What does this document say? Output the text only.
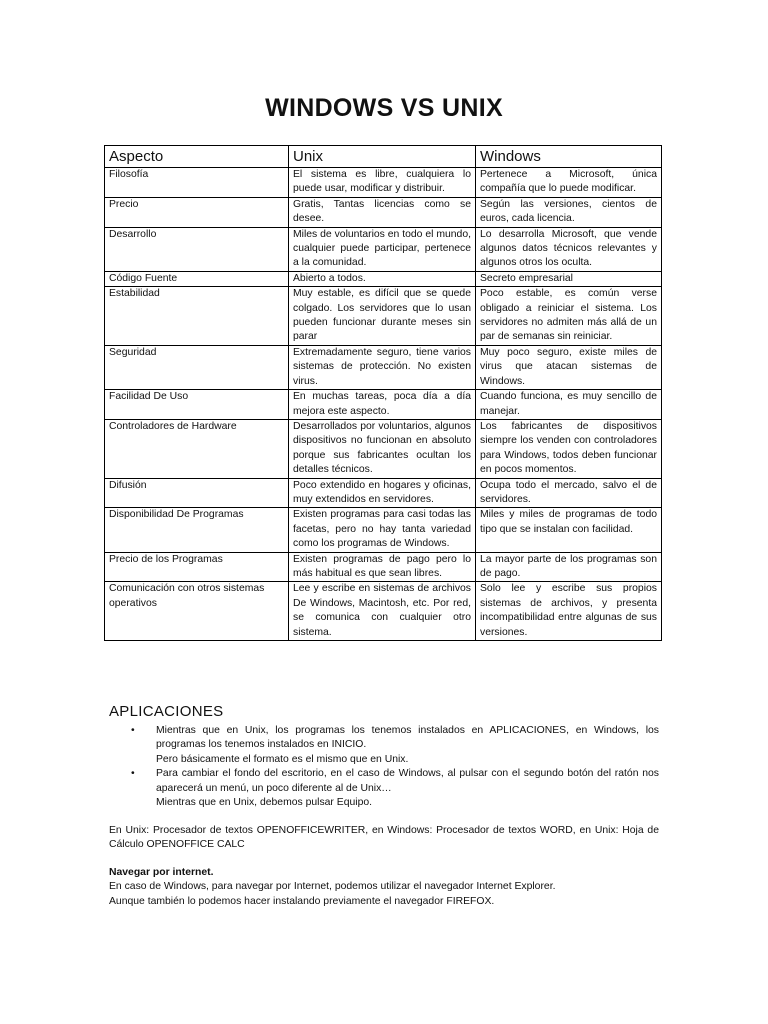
WINDOWS VS UNIX
Aspecto	Unix	Windows
Filosofía	El sistema es libre, cualquiera lo puede usar, modificar y distribuir.	Pertenece a Microsoft, única compañía que lo puede modificar.
Precio	Gratis, Tantas licencias como se desee.	Según las versiones, cientos de euros, cada licencia.
Desarrollo	Miles de voluntarios en todo el mundo, cualquier puede participar, pertenece a la comunidad.	Lo desarrolla Microsoft, que vende algunos datos técnicos relevantes y algunos otros los oculta.
Código Fuente	Abierto a todos.	Secreto empresarial
Estabilidad	Muy estable, es difícil que se quede colgado. Los servidores que lo usan pueden funcionar durante meses sin parar	Poco estable, es común verse obligado a reiniciar el sistema. Los servidores no admiten más allá de un par de semanas sin reiniciar.
Seguridad	Extremadamente seguro, tiene varios sistemas de protección. No existen virus.	Muy poco seguro, existe miles de virus que atacan sistemas de Windows.
Facilidad De Uso	En muchas tareas, poca día a día mejora este aspecto.	Cuando funciona, es muy sencillo de manejar.
Controladores de Hardware	Desarrollados por voluntarios, algunos dispositivos no funcionan en absoluto porque sus fabricantes ocultan los detalles técnicos.	Los fabricantes de dispositivos siempre los venden con controladores para Windows, todos deben funcionar en pocos momentos.
Difusión	Poco extendido en hogares y oficinas, muy extendidos en servidores.	Ocupa todo el mercado, salvo el de servidores.
Disponibilidad De Programas	Existen programas para casi todas las facetas, pero no hay tanta variedad como los programas de Windows.	Miles y miles de programas de todo tipo que se instalan con facilidad.
Precio de los Programas	Existen programas de pago pero lo más habitual es que sean libres.	La mayor parte de los programas son de pago.
Comunicación con otros sistemas operativos	Lee y escribe en sistemas de archivos De Windows, Macintosh, etc. Por red, se comunica con cualquier otro sistema.	Solo lee y escribe sus propios sistemas de archivos, y presenta incompatibilidad entre algunas de sus versiones.
APLICACIONES
• Mientras que en Unix, los programas los tenemos instalados en APLICACIONES, en Windows, los programas los tenemos instalados en INICIO.
Pero básicamente el formato es el mismo que en Unix.
• Para cambiar el fondo del escritorio, en el caso de Windows, al pulsar con el segundo botón del ratón nos aparecerá un menú, un poco diferente al de Unix…
Mientras que en Unix, debemos pulsar Equipo.
En Unix: Procesador de textos OPENOFFICEWRITER, en Windows: Procesador de textos WORD, en Unix: Hoja de Cálculo OPENOFFICE CALC
Navegar por internet.
En caso de Windows, para navegar por Internet, podemos utilizar el navegador Internet Explorer.
Aunque también lo podemos hacer instalando previamente el navegador FIREFOX.
